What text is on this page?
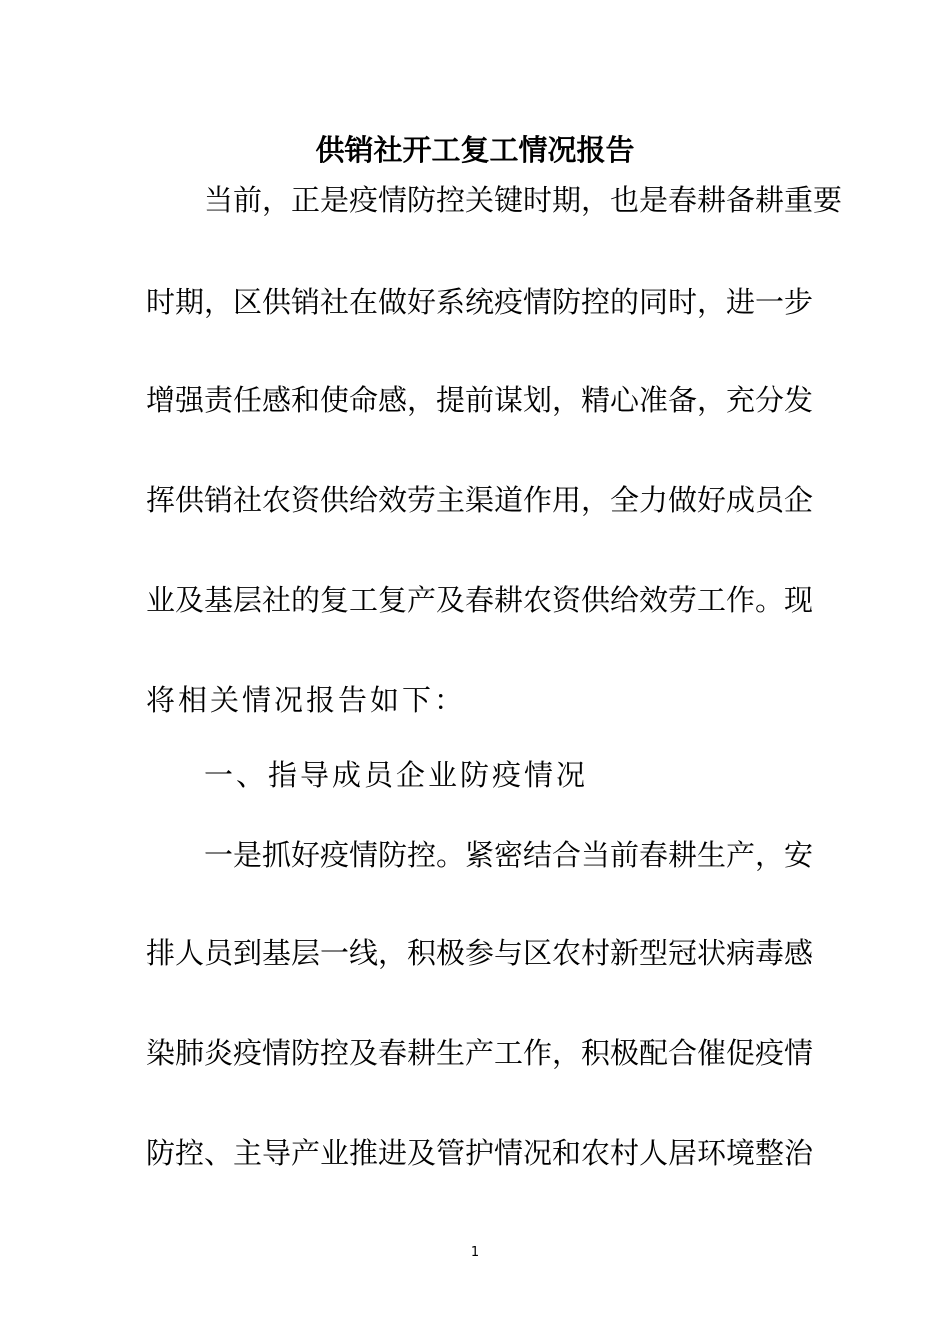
供销社开工复工情况报告
当前，正是疫情防控关键时期，也是春耕备耕重要
时期，区供销社在做好系统疫情防控的同时，进一步
增强责任感和使命感，提前谋划，精心准备，充分发
挥供销社农资供给效劳主渠道作用，全力做好成员企
业及基层社的复工复产及春耕农资供给效劳工作。现
将相关情况报告如下：
一、指导成员企业防疫情况
一是抓好疫情防控。紧密结合当前春耕生产，安
排人员到基层一线，积极参与区农村新型冠状病毒感
染肺炎疫情防控及春耕生产工作，积极配合催促疫情
防控、主导产业推进及管护情况和农村人居环境整治
1
